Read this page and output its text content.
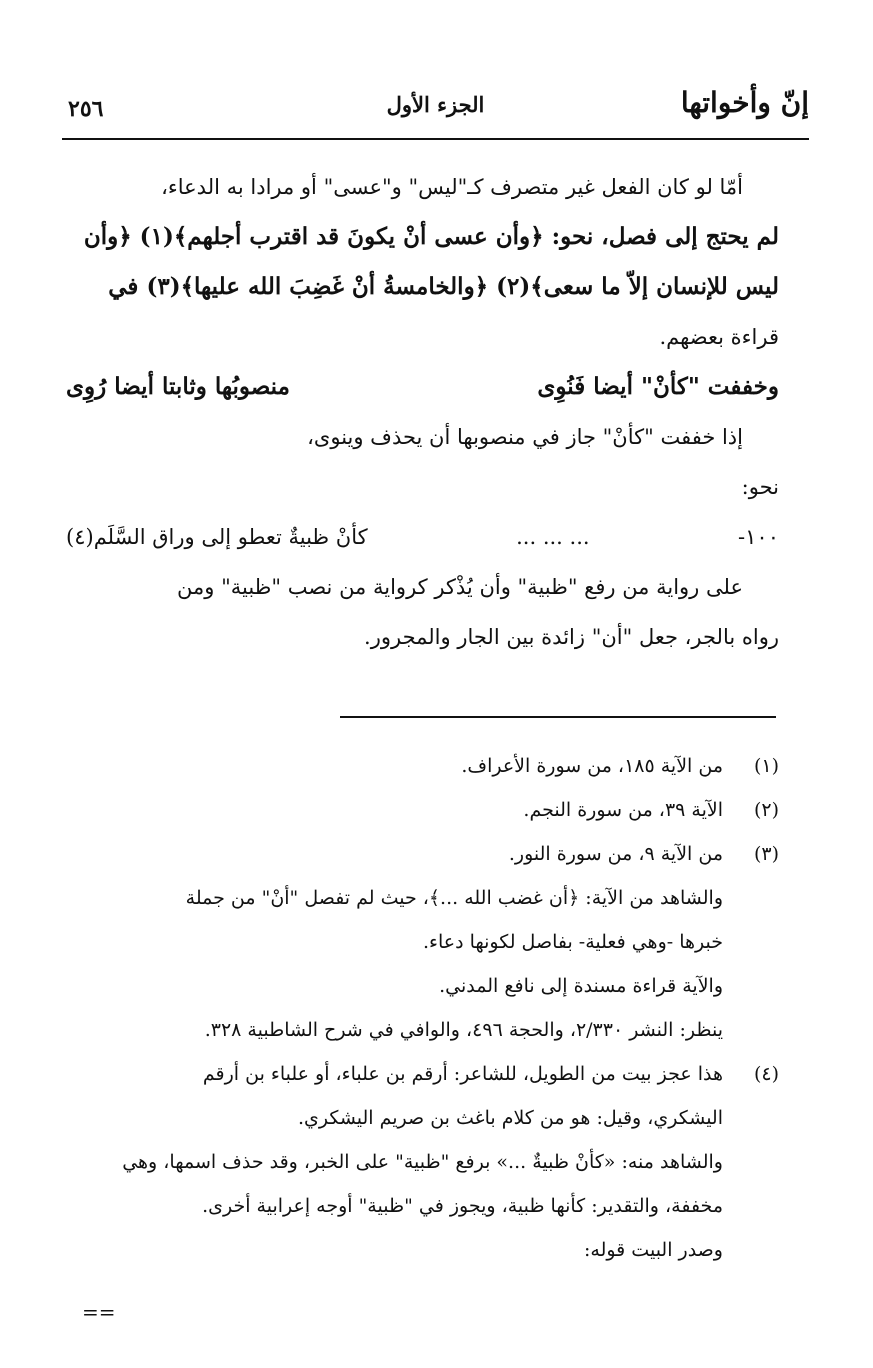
إنّ وأخواتها
الجزء الأول
٢٥٦
أمّا لو كان الفعل غير متصرف كـ"ليس" و"عسى" أو مرادا به الدعاء،
لم يحتج إلى فصل، نحو: ﴿وأن عسى أنْ يكونَ قد اقترب أجلهم﴾(١) ﴿وأن
ليس للإنسان إلاّ ما سعى﴾(٢) ﴿والخامسةُ أنْ غَضِبَ الله عليها﴾(٣) في
قراءة بعضهم.
وخففت "كأنْ" أيضا فَنُوِى
منصوبُها وثابتا أيضا رُوِى
إذا خففت "كأنْ" جاز في منصوبها أن يحذف وينوى،
نحو:
١٠٠-
... ... ...
كأنْ ظبيةٌ تعطو إلى وراق السَّلَم(٤)
على رواية من رفع "ظبية" وأن يُذْكر كرواية من نصب "ظبية" ومن
رواه بالجر، جعل "أن" زائدة بين الجار والمجرور.
(١)
من الآية ١٨٥، من سورة الأعراف.
(٢)
الآية ٣٩، من سورة النجم.
(٣)
من الآية ٩، من سورة النور.
والشاهد من الآية: ﴿أن غضب الله ...﴾، حيث لم تفصل "أنْ" من جملة
خبرها -وهي فعلية- بفاصل لكونها دعاء.
والآية قراءة مسندة إلى نافع المدني.
ينظر: النشر ٢/٣٣٠، والحجة ٤٩٦، والوافي في شرح الشاطبية ٣٢٨.
(٤)
هذا عجز بيت من الطويل، للشاعر: أرقم بن علباء، أو علباء بن أرقم
اليشكري، وقيل: هو من كلام باغث بن صريم اليشكري.
والشاهد منه: «كأنْ ظبيةٌ ...» برفع "ظبية" على الخبر، وقد حذف اسمها، وهي
مخففة، والتقدير: كأنها ظبية، ويجوز في "ظبية" أوجه إعرابية أخرى.
وصدر البيت قوله:
==
